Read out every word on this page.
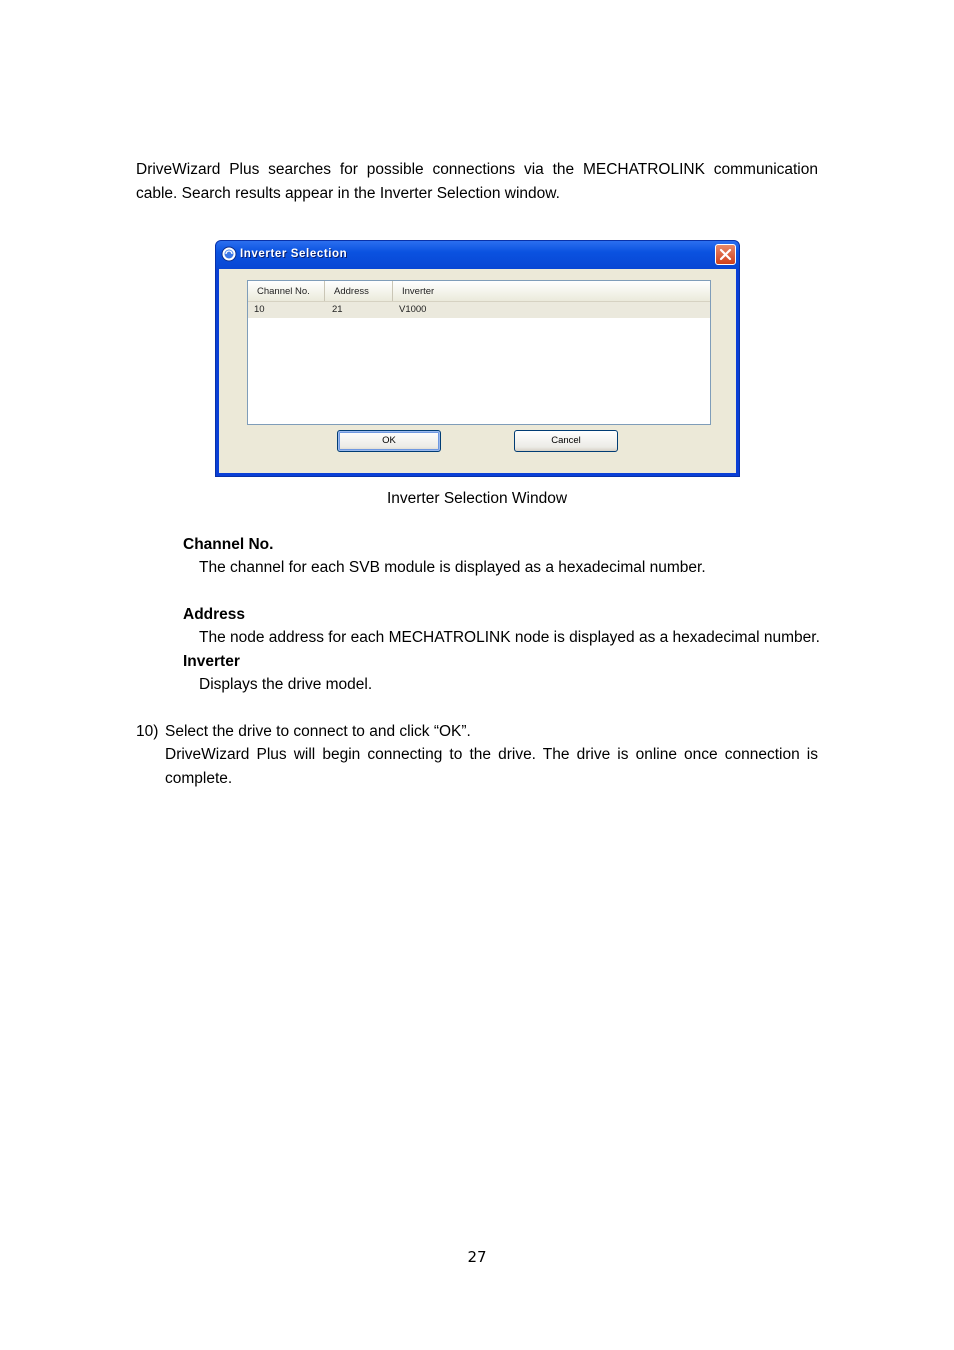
DriveWizard Plus searches for possible connections via the MECHATROLINK communication cable. Search results appear in the Inverter Selection window.
Inverter Selection
Channel No.	Address	Inverter
10	21	V1000
OK	Cancel
Inverter Selection Window
Channel No.
The channel for each SVB module is displayed as a hexadecimal number.
Address
The node address for each MECHATROLINK node is displayed as a hexadecimal number.
Inverter
Displays the drive model.
10) Select the drive to connect to and click “OK”.
DriveWizard Plus will begin connecting to the drive. The drive is online once connection is complete.
27
